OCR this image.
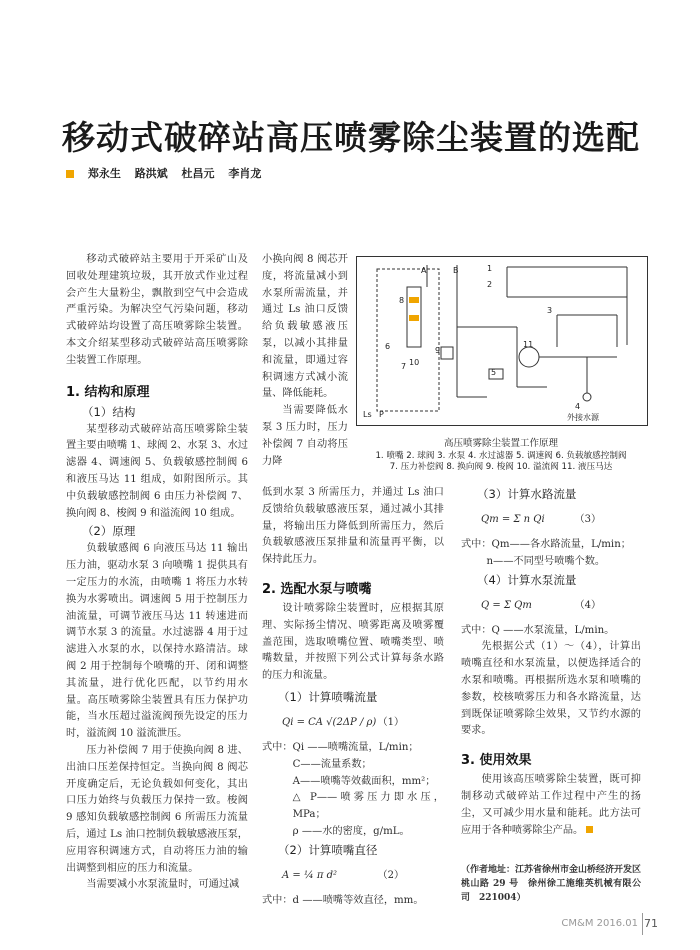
移动式破碎站高压喷雾除尘装置的选配
郑永生 路洪斌 杜昌元 李肖龙

移动式破碎站主要用于开采矿山及回收处理建筑垃圾，其开放式作业过程会产生大量粉尘，飘散到空气中会造成严重污染。为解决空气污染问题，移动式破碎站均设置了高压喷雾除尘装置。本文介绍某型移动式破碎站高压喷雾除尘装置工作原理。

1. 结构和原理
（1）结构

某型移动式破碎站高压喷雾除尘装置主要由喷嘴 1、球阀 2、水泵 3、水过滤器 4、调速阀 5、负载敏感控制阀 6 和液压马达 11 组成，如附图所示。其中负载敏感控制阀 6 由压力补偿阀 7、换向阀 8、梭阀 9 和溢流阀 10 组成。

（2）原理

负载敏感阀 6 向液压马达 11 输出压力油，驱动水泵 3 向喷嘴 1 提供具有一定压力的水流，由喷嘴 1 将压力水转换为水雾喷出。调速阀 5 用于控制压力油流量，可调节液压马达 11 转速进而调节水泵 3 的流量。水过滤器 4 用于过滤进入水泵的水，以保持水路清洁。球阀 2 用于控制每个喷嘴的开、闭和调整其流量，进行优化匹配，以节约用水量。高压喷雾除尘装置具有压力保护功能，当水压超过溢流阀预先设定的压力时，溢流阀 10 溢流泄压。

压力补偿阀 7 用于使换向阀 8 进、出油口压差保持恒定。当换向阀 8 阀芯开度确定后，无论负载如何变化，其出口压力始终与负载压力保持一致。梭阀 9 感知负载敏感控制阀 6 所需压力流量后，通过 Ls 油口控制负载敏感液压泵，应用容积调速方式，自动将压力油的输出调整到相应的压力和流量。

当需要减小水泵流量时，可通过减

小换向阀 8 阀芯开度，将流量减小到水泵所需流量，并通过 Ls 油口反馈给负载敏感液压泵，以减小其排量和流量，即通过容积调速方式减小流量、降低能耗。

当需要降低水泵 3 压力时，压力补偿阀 7 自动将压力降

A	B	1
2
3
4
5
6
7
8
9
10
11
Ls P	外接水源
高压喷雾除尘装置工作原理
1. 喷嘴 2. 球阀 3. 水泵 4. 水过滤器 5. 调速阀 6. 负载敏感控制阀
7. 压力补偿阀 8. 换向阀 9. 梭阀 10. 溢流阀 11. 液压马达

低到水泵 3 所需压力，并通过 Ls 油口反馈给负载敏感液压泵，通过减小其排量，将输出压力降低到所需压力，然后负载敏感液压泵排量和流量再平衡，以保持此压力。

2. 选配水泵与喷嘴

设计喷雾除尘装置时，应根据其原理、实际扬尘情况、喷雾距离及喷雾覆盖范围，选取喷嘴位置、喷嘴类型、喷嘴数量，并按照下列公式计算每条水路的压力和流量。

（1）计算喷嘴流量
Qi = CA √(2ΔP / ρ) （1）

式中：Qi ——喷嘴流量，L/min；

C——流量系数；

A——喷嘴等效截面积，mm²；

△ P——喷雾压力即水压，MPa；

ρ ——水的密度，g/mL。

（2）计算喷嘴直径
A = ¼ π d²	（2）

式中：d ——喷嘴等效直径，mm。

（3）计算水路流量
Qm = Σ n Qi	（3）

式中：Qm——各水路流量，L/min；

n——不同型号喷嘴个数。

（4）计算水泵流量
Q = Σ Qm	（4）

式中：Q ——水泵流量，L/min。

先根据公式（1）～（4），计算出喷嘴直径和水泵流量，以便选择适合的水泵和喷嘴。再根据所选水泵和喷嘴的参数，校核喷雾压力和各水路流量，达到既保证喷雾除尘效果，又节约水源的要求。

3. 使用效果

使用该高压喷雾除尘装置，既可抑制移动式破碎站工作过程中产生的扬尘，又可减少用水量和能耗。此方法可应用于各种喷雾除尘产品。

（作者地址：江苏省徐州市金山桥经济开发区桃山路 29 号　徐州徐工施维英机械有限公司　221004）
CM&M 2016.01 71
